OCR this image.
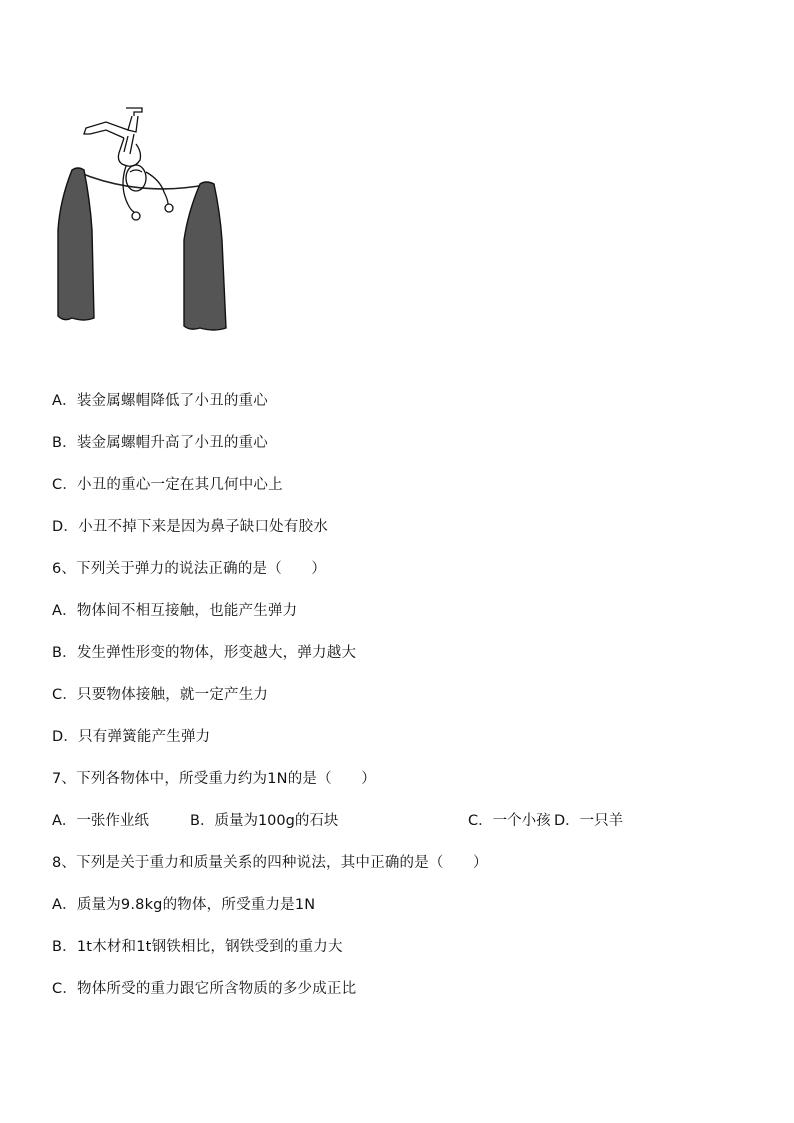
A．装金属螺帽降低了小丑的重心
B．装金属螺帽升高了小丑的重心
C．小丑的重心一定在其几何中心上
D．小丑不掉下来是因为鼻子缺口处有胶水
6、下列关于弹力的说法正确的是（　　）
A．物体间不相互接触，也能产生弹力
B．发生弹性形变的物体，形变越大，弹力越大
C．只要物体接触，就一定产生力
D．只有弹簧能产生弹力
7、下列各物体中，所受重力约为1N的是（　　）
A．一张作业纸	B．质量为100g的石块	C．一个小孩 D．一只羊
8、下列是关于重力和质量关系的四种说法，其中正确的是（　　）
A．质量为9.8kg的物体，所受重力是1N
B．1t木材和1t钢铁相比，钢铁受到的重力大
C．物体所受的重力跟它所含物质的多少成正比
